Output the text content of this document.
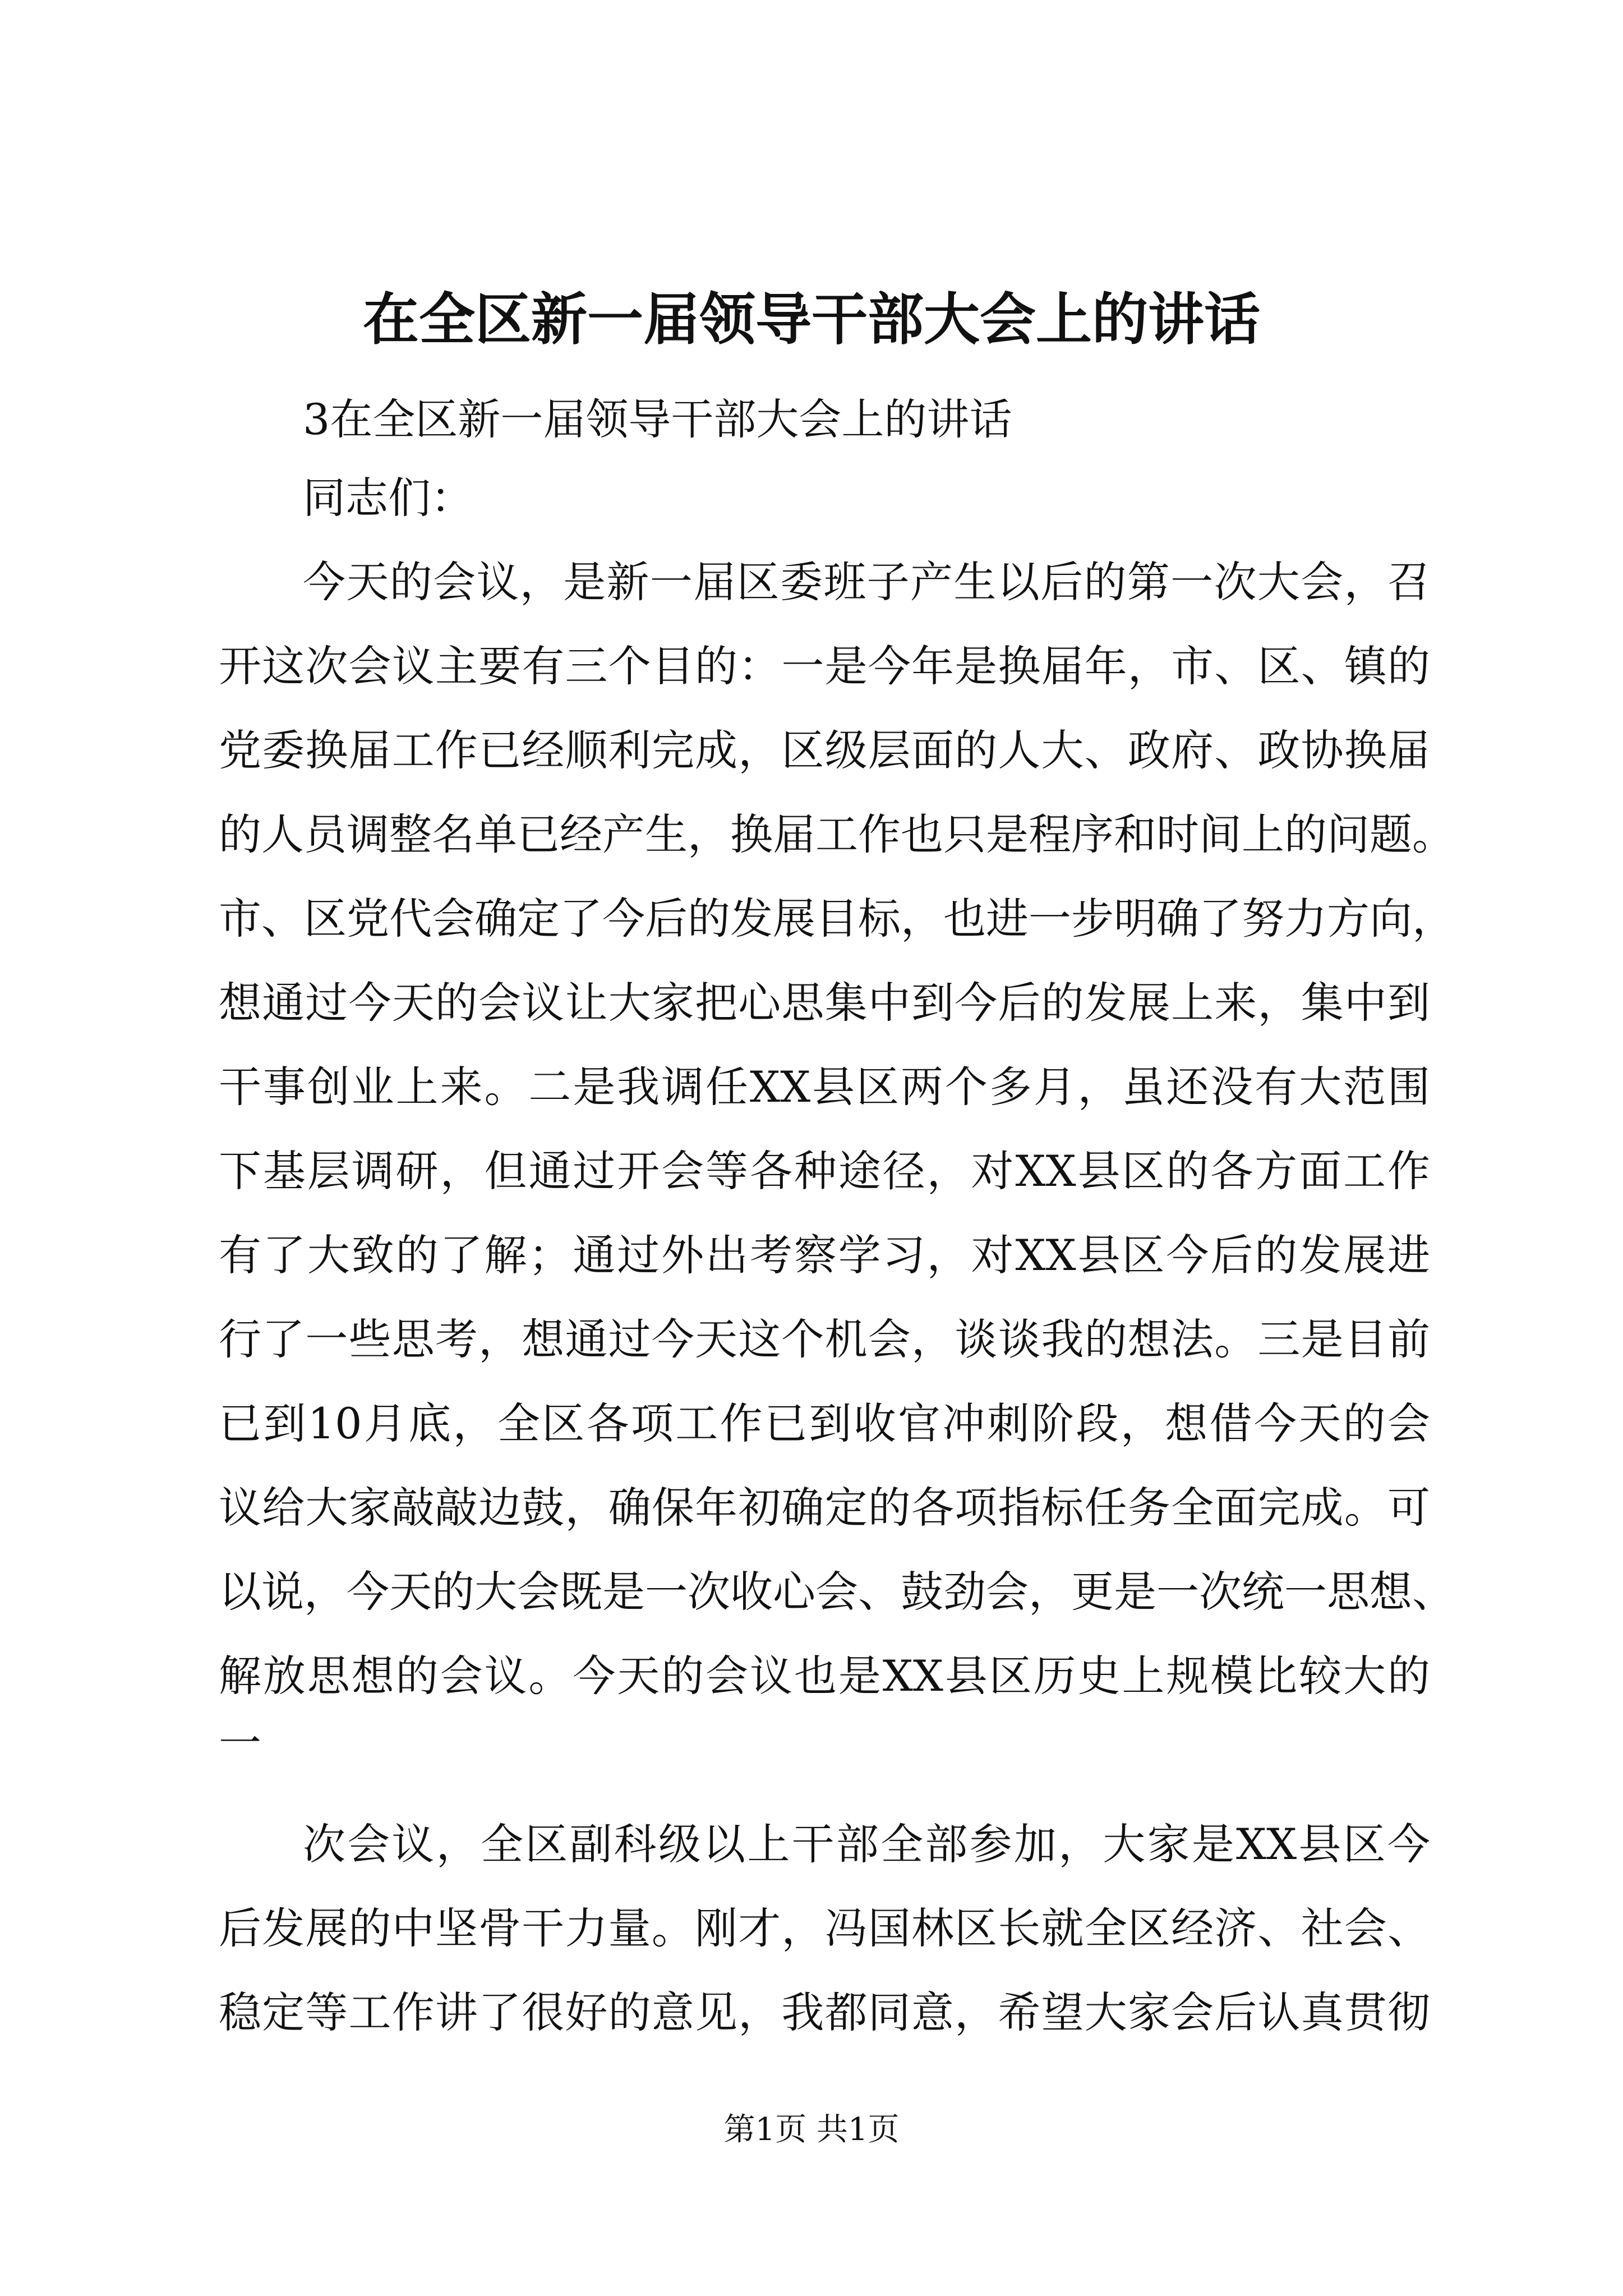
在全区新一届领导干部大会上的讲话
3在全区新一届领导干部大会上的讲话
同志们：
今天的会议，是新一届区委班子产生以后的第一次大会，召
开这次会议主要有三个目的：一是今年是换届年，市、区、镇的
党委换届工作已经顺利完成，区级层面的人大、政府、政协换届
的人员调整名单已经产生，换届工作也只是程序和时间上的问题。
市、区党代会确定了今后的发展目标，也进一步明确了努力方向，
想通过今天的会议让大家把心思集中到今后的发展上来，集中到
干事创业上来。二是我调任XX县区两个多月，虽还没有大范围
下基层调研，但通过开会等各种途径，对XX县区的各方面工作
有了大致的了解；通过外出考察学习，对XX县区今后的发展进
行了一些思考，想通过今天这个机会，谈谈我的想法。三是目前
已到10月底，全区各项工作已到收官冲刺阶段，想借今天的会
议给大家敲敲边鼓，确保年初确定的各项指标任务全面完成。可
以说，今天的大会既是一次收心会、鼓劲会，更是一次统一思想、
解放思想的会议。今天的会议也是XX县区历史上规模比较大的
一
次会议，全区副科级以上干部全部参加，大家是XX县区今
后发展的中坚骨干力量。刚才，冯国林区长就全区经济、社会、
稳定等工作讲了很好的意见，我都同意，希望大家会后认真贯彻
第1页 共1页
